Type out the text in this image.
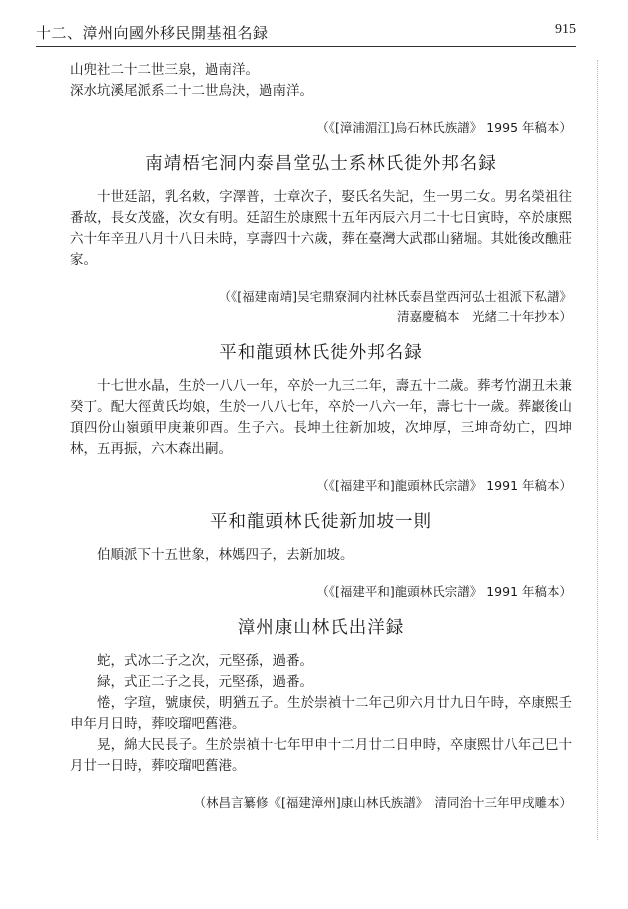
十二、漳州向國外移民開基祖名録	915

山兜社二十二世三泉，過南洋。

深水坑溪尾派系二十二世烏決，過南洋。

（《[漳浦湄江]烏石林氏族譜》 1995 年稿本）

南靖梧宅洞内泰昌堂弘士系林氏徙外邦名録

十世廷詔，乳名敕，字澤普，士章次子，娶氏名失記，生一男二女。男名榮祖往番故，長女茂盛，次女有明。廷詔生於康熙十五年丙辰六月二十七日寅時，卒於康熙六十年辛丑八月十八日未時，享壽四十六歲，葬在臺灣大武郡山豬堀。其妣後改醮莊家。

（《[福建南靖]吴宅鼎寮洞内社林氏泰昌堂西河弘士祖派下私譜》

清嘉慶稿本　光緒二十年抄本）

平和龍頭林氏徙外邦名録

十七世水晶，生於一八八一年，卒於一九三二年，壽五十二歲。葬考竹湖丑未兼癸丁。配大徑黄氏均娘，生於一八八七年，卒於一八六一年，壽七十一歲。葬巖後山頂四份山嶺頭甲庚兼卯酉。生子六。長坤土往新加坡，次坤厚，三坤奇幼亡，四坤林，五再振，六木森出嗣。

（《[福建平和]龍頭林氏宗譜》 1991 年稿本）

平和龍頭林氏徙新加坡一則

伯順派下十五世象，林媽四子，去新加坡。

（《[福建平和]龍頭林氏宗譜》 1991 年稿本）

漳州康山林氏出洋録

蛇，式冰二子之次，元堅孫，過番。

緑，式正二子之長，元堅孫，過番。

惓，字瑄，號康侯，眀猶五子。生於崇禎十二年己卯六月廿九日午時，卒康熙壬申年月日時，葬咬瑠吧舊港。

晃，綿大民長子。生於崇禎十七年甲申十二月廿二日申時，卒康熙廿八年己巳十月廿一日時，葬咬瑠吧舊港。

（林昌言纂修《[福建漳州]康山林氏族譜》　清同治十三年甲戌雕本）
